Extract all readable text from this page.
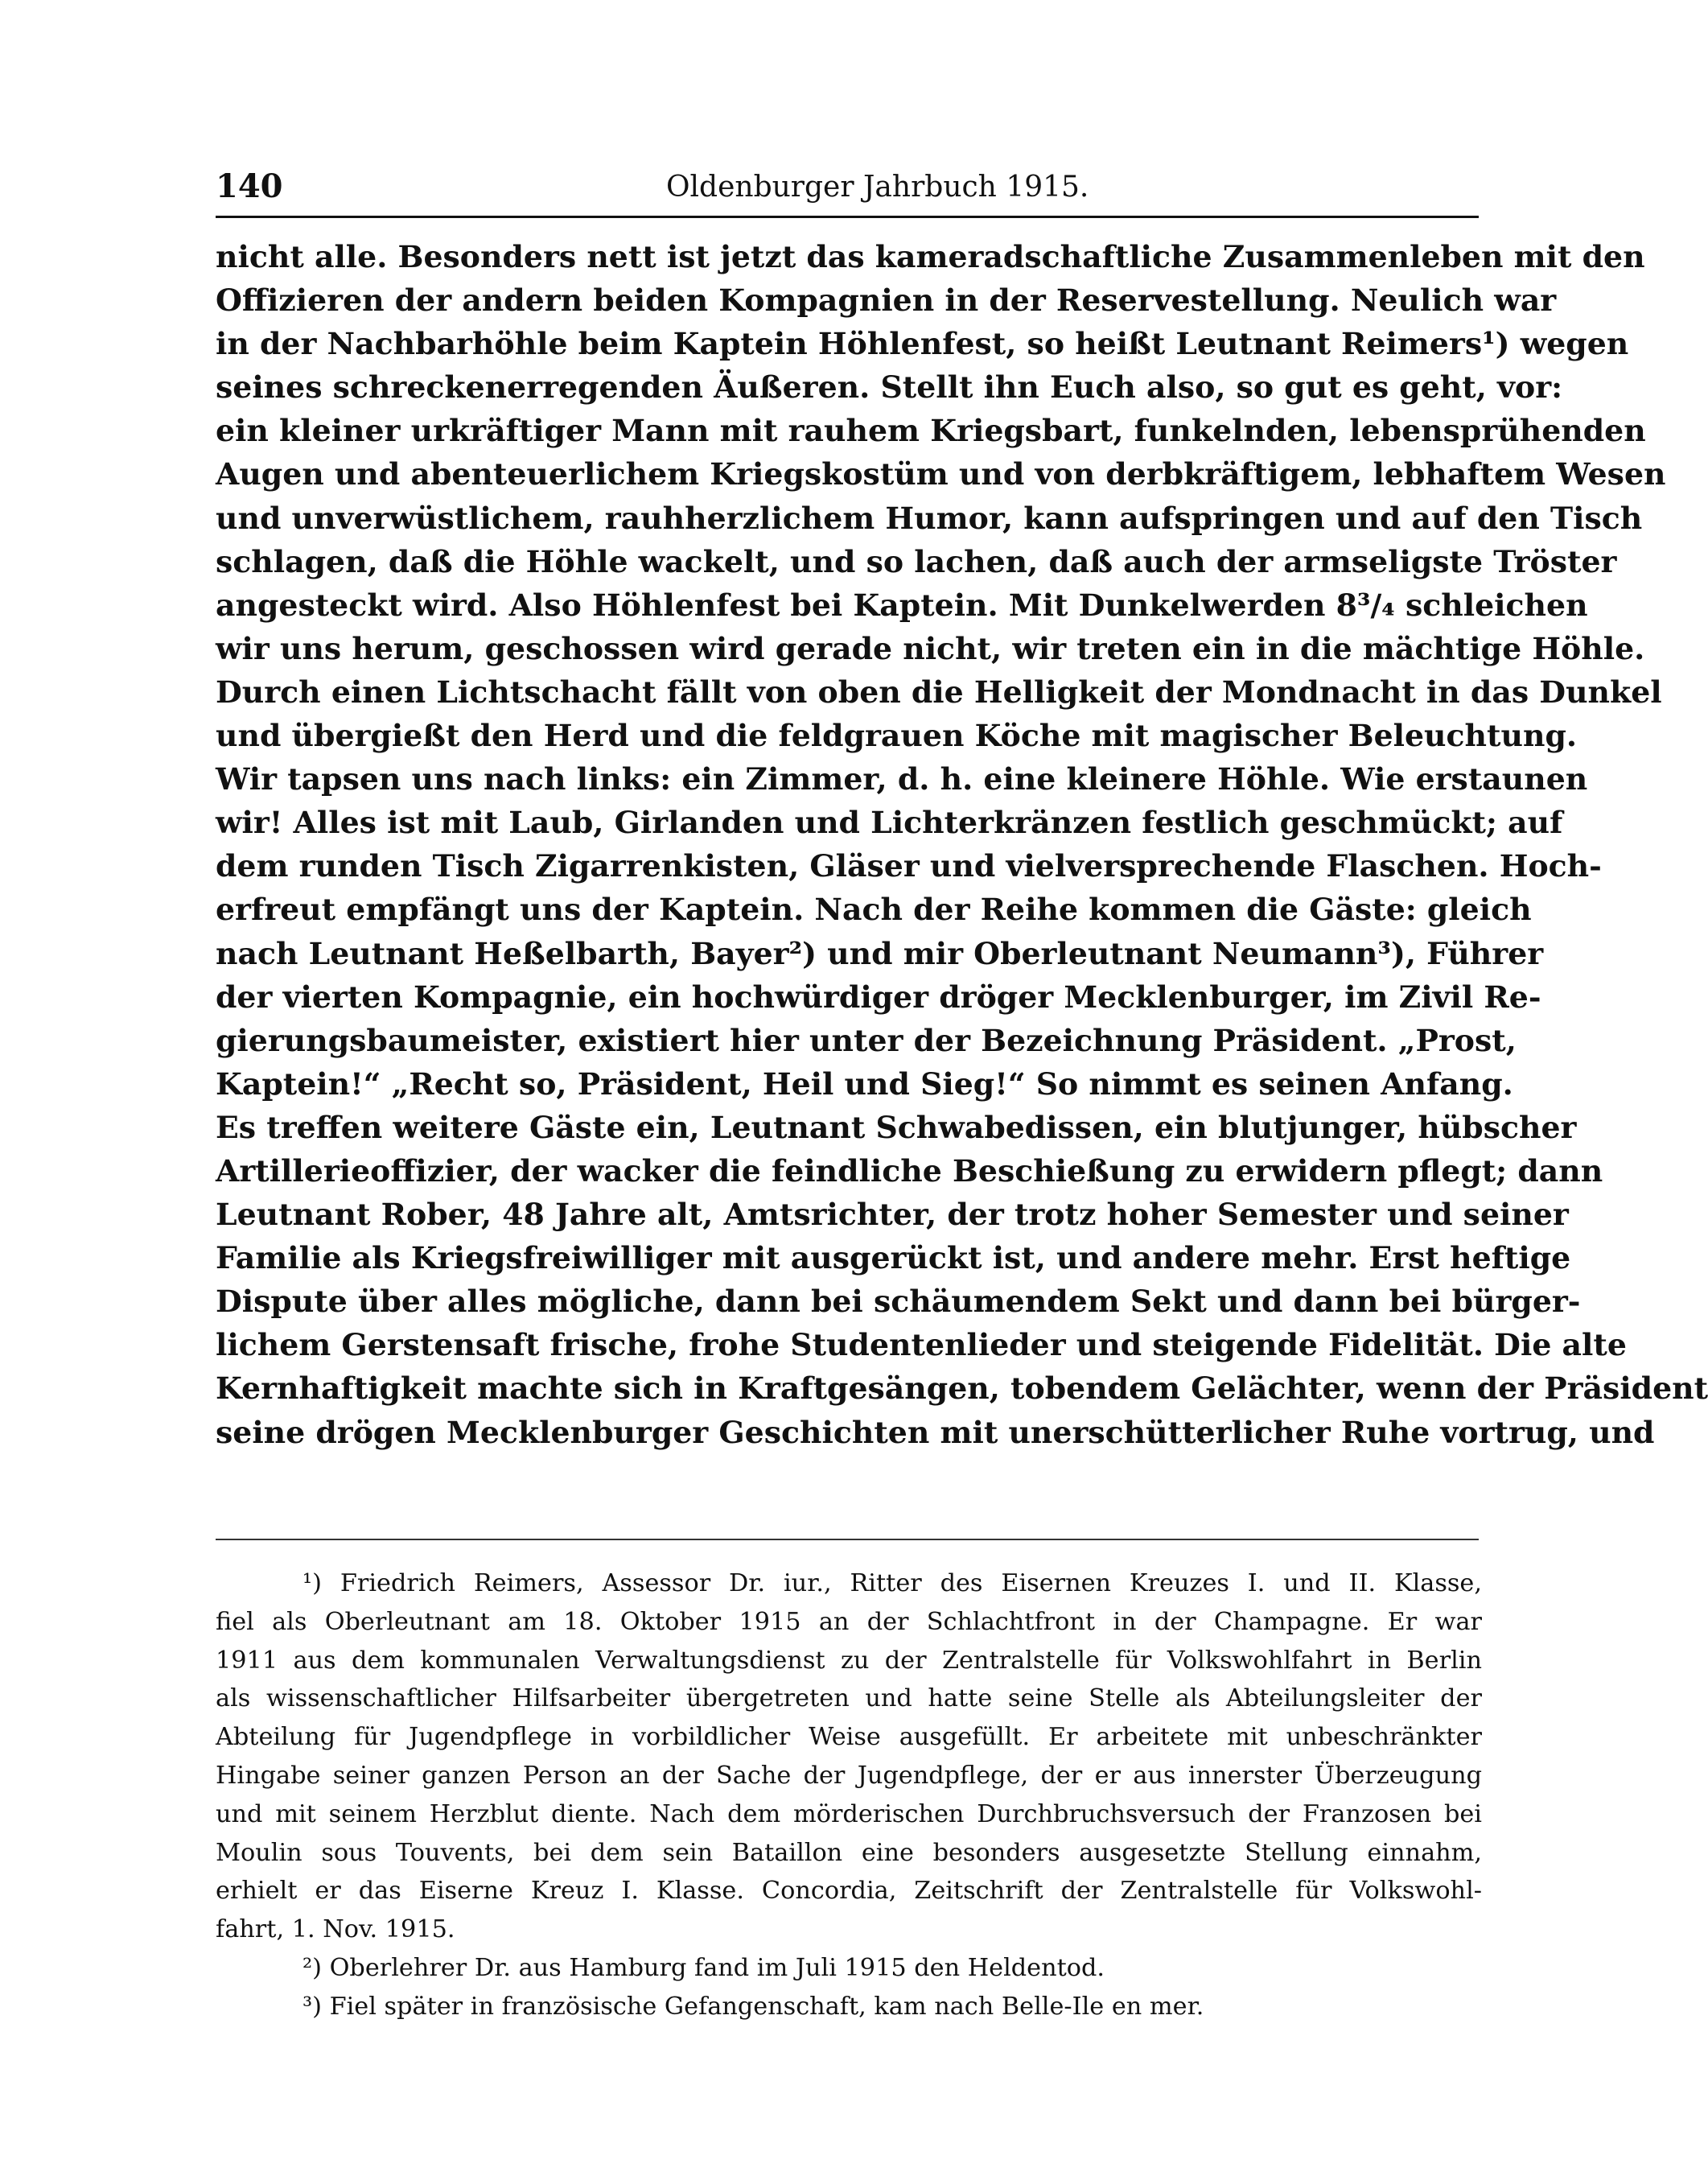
140	Oldenburger Jahrbuch 1915.
nicht alle. Besonders nett ist jetzt das kameradschaftliche Zusammenleben mit den
Offizieren der andern beiden Kompagnien in der Reservestellung. Neulich war
in der Nachbarhöhle beim Kaptein Höhlenfest, so heißt Leutnant Reimers¹) wegen
seines schreckenerregenden Äußeren. Stellt ihn Euch also, so gut es geht, vor:
ein kleiner urkräftiger Mann mit rauhem Kriegsbart, funkelnden, lebensprühenden
Augen und abenteuerlichem Kriegskostüm und von derbkräftigem, lebhaftem Wesen
und unverwüstlichem, rauhherzlichem Humor, kann aufspringen und auf den Tisch
schlagen, daß die Höhle wackelt, und so lachen, daß auch der armseligste Tröster
angesteckt wird. Also Höhlenfest bei Kaptein. Mit Dunkelwerden 8³/₄ schleichen
wir uns herum, geschossen wird gerade nicht, wir treten ein in die mächtige Höhle.
Durch einen Lichtschacht fällt von oben die Helligkeit der Mondnacht in das Dunkel
und übergießt den Herd und die feldgrauen Köche mit magischer Beleuchtung.
Wir tapsen uns nach links: ein Zimmer, d. h. eine kleinere Höhle. Wie erstaunen
wir! Alles ist mit Laub, Girlanden und Lichterkränzen festlich geschmückt; auf
dem runden Tisch Zigarrenkisten, Gläser und vielversprechende Flaschen. Hoch-
erfreut empfängt uns der Kaptein. Nach der Reihe kommen die Gäste: gleich
nach Leutnant Heßelbarth, Bayer²) und mir Oberleutnant Neumann³), Führer
der vierten Kompagnie, ein hochwürdiger dröger Mecklenburger, im Zivil Re-
gierungsbaumeister, existiert hier unter der Bezeichnung Präsident. „Prost,
Kaptein!“ „Recht so, Präsident, Heil und Sieg!“ So nimmt es seinen Anfang.
Es treffen weitere Gäste ein, Leutnant Schwabedissen, ein blutjunger, hübscher
Artillerieoffizier, der wacker die feindliche Beschießung zu erwidern pflegt; dann
Leutnant Rober, 48 Jahre alt, Amtsrichter, der trotz hoher Semester und seiner
Familie als Kriegsfreiwilliger mit ausgerückt ist, und andere mehr. Erst heftige
Dispute über alles mögliche, dann bei schäumendem Sekt und dann bei bürger-
lichem Gerstensaft frische, frohe Studentenlieder und steigende Fidelität. Die alte
Kernhaftigkeit machte sich in Kraftgesängen, tobendem Gelächter, wenn der Präsident
seine drögen Mecklenburger Geschichten mit unerschütterlicher Ruhe vortrug, und
¹) Friedrich Reimers, Assessor Dr. iur., Ritter des Eisernen Kreuzes I. und II. Klasse,
fiel als Oberleutnant am 18. Oktober 1915 an der Schlachtfront in der Champagne. Er war
1911 aus dem kommunalen Verwaltungsdienst zu der Zentralstelle für Volkswohlfahrt in Berlin
als wissenschaftlicher Hilfsarbeiter übergetreten und hatte seine Stelle als Abteilungsleiter der
Abteilung für Jugendpflege in vorbildlicher Weise ausgefüllt. Er arbeitete mit unbeschränkter
Hingabe seiner ganzen Person an der Sache der Jugendpflege, der er aus innerster Überzeugung
und mit seinem Herzblut diente. Nach dem mörderischen Durchbruchsversuch der Franzosen bei
Moulin sous Touvents, bei dem sein Bataillon eine besonders ausgesetzte Stellung einnahm,
erhielt er das Eiserne Kreuz I. Klasse. Concordia, Zeitschrift der Zentralstelle für Volkswohl-
fahrt, 1. Nov. 1915.
²) Oberlehrer Dr. aus Hamburg fand im Juli 1915 den Heldentod.
³) Fiel später in französische Gefangenschaft, kam nach Belle-Ile en mer.
